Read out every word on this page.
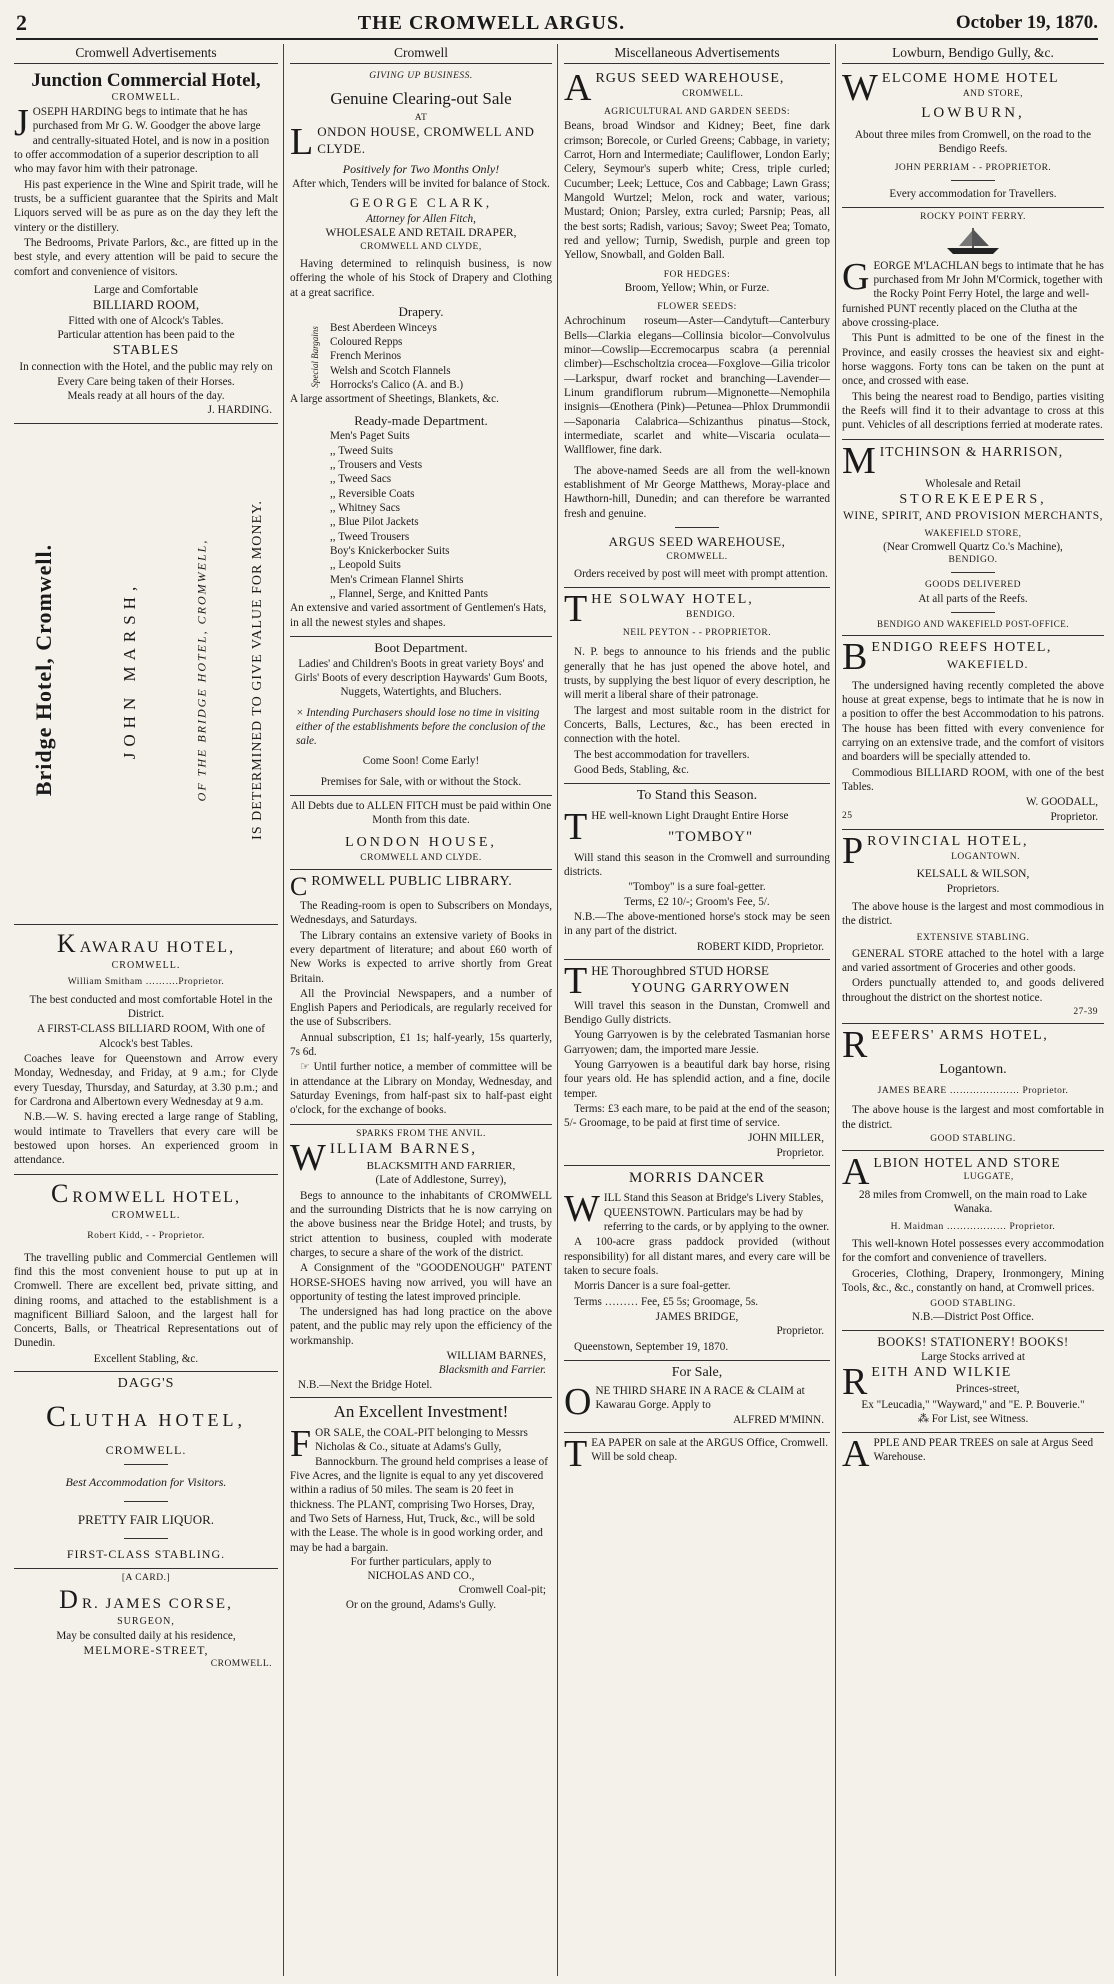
2	THE CROMWELL ARGUS.	October 19, 1870.
Cromwell Advertisements
Junction Commercial Hotel,
CROMWELL.
JOSEPH HARDING begs to intimate that he has purchased from Mr G. W. Goodger the above large and centrally-situated Hotel, and is now in a position to offer accommodation of a superior description to all who may favor him with their patronage.

His past experience in the Wine and Spirit trade, will he trusts, be a sufficient guarantee that the Spirits and Malt Liquors served will be as pure as on the day they left the vintery or the distillery.

The Bedrooms, Private Parlors, &c., are fitted up in the best style, and every attention will be paid to secure the comfort and convenience of visitors.

Large and Comfortable
BILLIARD ROOM,
Fitted with one of Alcock's Tables.
Particular attention has been paid to the
STABLES
In connection with the Hotel, and the public may rely on
Every Care being taken of their Horses.
Meals ready at all hours of the day.
J. HARDING.
Bridge Hotel, Cromwell.	JOHN MARSH,	OF THE BRIDGE HOTEL, CROMWELL,	IS DETERMINED TO GIVE VALUE FOR MONEY.
KAWARAU HOTEL,
CROMWELL.
William Smitham ……….Proprietor.

The best conducted and most comfortable Hotel in the District.

A FIRST-CLASS BILLIARD ROOM, With one of Alcock's best Tables.

Coaches leave for Queenstown and Arrow every Monday, Wednesday, and Friday, at 9 a.m.; for Clyde every Tuesday, Thursday, and Saturday, at 3.30 p.m.; and for Cardrona and Albertown every Wednesday at 9 a.m.

N.B.—W. S. having erected a large range of Stabling, would intimate to Travellers that every care will be bestowed upon horses. An experienced groom in attendance.

CROMWELL HOTEL,
CROMWELL.
Robert Kidd, - - Proprietor.

The travelling public and Commercial Gentlemen will find this the most convenient house to put up at in Cromwell. There are excellent bed, private sitting, and dining rooms, and attached to the establishment is a magnificent Billiard Saloon, and the largest hall for Concerts, Balls, or Theatrical Representations out of Dunedin.

Excellent Stabling, &c.
DAGG'S
CLUTHA HOTEL,
CROMWELL.
Best Accommodation for Visitors.
PRETTY FAIR LIQUOR.
FIRST-CLASS STABLING.
[A CARD.]
D R. JAMES CORSE,
SURGEON,
May be consulted daily at his residence,
MELMORE-STREET,
CROMWELL.
Cromwell
GIVING UP BUSINESS.
Genuine Clearing-out Sale
AT
LONDON HOUSE, CROMWELL AND CLYDE.
Positively for Two Months Only!
After which, Tenders will be invited for balance of Stock.
GEORGE CLARK,
Attorney for Allen Fitch,
WHOLESALE AND RETAIL DRAPER,
CROMWELL AND CLYDE,

Having determined to relinquish business, is now offering the whole of his Stock of Drapery and Clothing at a great sacrifice.

Drapery.
Special Bargains Best Aberdeen Winceys
Coloured Repps
French Merinos
Welsh and Scotch Flannels
Horrocks's Calico (A. and B.)
A large assortment of Sheetings, Blankets, &c.
Ready-made Department.
Men's Paget Suits
,, Tweed Suits
,, Trousers and Vests
,, Tweed Sacs
,, Reversible Coats
,, Whitney Sacs
,, Blue Pilot Jackets
,, Tweed Trousers
Boy's Knickerbocker Suits
,, Leopold Suits
Men's Crimean Flannel Shirts
,, Flannel, Serge, and Knitted Pants
An extensive and varied assortment of Gentlemen's Hats, in all the newest styles and shapes.
Boot Department.
Ladies' and Children's Boots in great variety Boys' and Girls' Boots of every description Haywards' Gum Boots, Nuggets, Watertights, and Bluchers.
× Intending Purchasers should lose no time in visiting either of the establishments before the conclusion of the sale.
Come Soon! Come Early!
Premises for Sale, with or without the Stock.
All Debts due to ALLEN FITCH must be paid within One Month from this date.
LONDON HOUSE,
CROMWELL AND CLYDE.
CROMWELL PUBLIC LIBRARY.

The Reading-room is open to Subscribers on Mondays, Wednesdays, and Saturdays.

The Library contains an extensive variety of Books in every department of literature; and about £60 worth of New Works is expected to arrive shortly from Great Britain.

All the Provincial Newspapers, and a number of English Papers and Periodicals, are regularly received for the use of Subscribers.

Annual subscription, £1 1s; half-yearly, 15s quarterly, 7s 6d.

☞ Until further notice, a member of committee will be in attendance at the Library on Monday, Wednesday, and Saturday Evenings, from half-past six to half-past eight o'clock, for the exchange of books.

SPARKS FROM THE ANVIL.
WILLIAM BARNES,
BLACKSMITH AND FARRIER,
(Late of Addlestone, Surrey),

Begs to announce to the inhabitants of CROMWELL and the surrounding Districts that he is now carrying on the above business near the Bridge Hotel; and trusts, by strict attention to business, coupled with moderate charges, to secure a share of the work of the district.

A Consignment of the "GOODENOUGH" PATENT HORSE-SHOES having now arrived, you will have an opportunity of testing the latest improved principle.

The undersigned has had long practice on the above patent, and the public may rely upon the efficiency of the workmanship.

WILLIAM BARNES,
Blacksmith and Farrier.
N.B.—Next the Bridge Hotel.
An Excellent Investment!
FOR SALE, the COAL-PIT belonging to Messrs Nicholas & Co., situate at Adams's Gully, Bannockburn. The ground held comprises a lease of Five Acres, and the lignite is equal to any yet discovered within a radius of 50 miles. The seam is 20 feet in thickness. The PLANT, comprising Two Horses, Dray, and Two Sets of Harness, Hut, Truck, &c., will be sold with the Lease. The whole is in good working order, and may be had a bargain.
For further particulars, apply to
NICHOLAS AND CO.,
Cromwell Coal-pit;
Or on the ground, Adams's Gully.
Miscellaneous Advertisements
ARGUS SEED WAREHOUSE,
CROMWELL.
AGRICULTURAL AND GARDEN SEEDS:

Beans, broad Windsor and Kidney; Beet, fine dark crimson; Borecole, or Curled Greens; Cabbage, in variety; Carrot, Horn and Intermediate; Cauliflower, London Early; Celery, Seymour's superb white; Cress, triple curled; Cucumber; Leek; Lettuce, Cos and Cabbage; Lawn Grass; Mangold Wurtzel; Melon, rock and water, various; Mustard; Onion; Parsley, extra curled; Parsnip; Peas, all the best sorts; Radish, various; Savoy; Sweet Pea; Tomato, red and yellow; Turnip, Swedish, purple and green top Yellow, Snowball, and Golden Ball.

FOR HEDGES:
Broom, Yellow; Whin, or Furze.
FLOWER SEEDS:

Achrochinum roseum—Aster—Candytuft—Canterbury Bells—Clarkia elegans—Collinsia bicolor—Convolvulus minor—Cowslip—Eccremocarpus scabra (a perennial climber)—Eschscholtzia crocea—Foxglove—Gilia tricolor—Larkspur, dwarf rocket and branching—Lavender—Linum grandiflorum rubrum—Mignonette—Nemophila insignis—Œnothera (Pink)—Petunea—Phlox Drummondii—Saponaria Calabrica—Schizanthus pinatus—Stock, intermediate, scarlet and white—Viscaria oculata—Wallflower, fine dark.

The above-named Seeds are all from the well-known establishment of Mr George Matthews, Moray-place and Hawthorn-hill, Dunedin; and can therefore be warranted fresh and genuine.

ARGUS SEED WAREHOUSE,
CROMWELL.

Orders received by post will meet with prompt attention.

THE SOLWAY HOTEL,
BENDIGO.
NEIL PEYTON - - PROPRIETOR.

N. P. begs to announce to his friends and the public generally that he has just opened the above hotel, and trusts, by supplying the best liquor of every description, he will merit a liberal share of their patronage.

The largest and most suitable room in the district for Concerts, Balls, Lectures, &c., has been erected in connection with the hotel.

The best accommodation for travellers.

Good Beds, Stabling, &c.

To Stand this Season.
THE well-known Light Draught Entire Horse
"TOMBOY"

Will stand this season in the Cromwell and surrounding districts.

"Tomboy" is a sure foal-getter.
Terms, £2 10/-; Groom's Fee, 5/.

N.B.—The above-mentioned horse's stock may be seen in any part of the district.

ROBERT KIDD, Proprietor.
THE Thoroughbred STUD HORSE
YOUNG GARRYOWEN

Will travel this season in the Dunstan, Cromwell and Bendigo Gully districts.

Young Garryowen is by the celebrated Tasmanian horse Garryowen; dam, the imported mare Jessie.

Young Garryowen is a beautiful dark bay horse, rising four years old. He has splendid action, and a fine, docile temper.

Terms: £3 each mare, to be paid at the end of the season; 5/- Groomage, to be paid at first time of service.

JOHN MILLER,
Proprietor.
MORRIS DANCER
WILL Stand this Season at Bridge's Livery Stables, QUEENSTOWN. Particulars may be had by referring to the cards, or by applying to the owner.

A 100-acre grass paddock provided (without responsibility) for all distant mares, and every care will be taken to secure foals.

Morris Dancer is a sure foal-getter.

Terms ……… Fee, £5 5s; Groomage, 5s.

JAMES BRIDGE,
Proprietor.

Queenstown, September 19, 1870.

For Sale,
ONE THIRD SHARE IN A RACE & CLAIM at Kawarau Gorge. Apply to
ALFRED M'MINN.
TEA PAPER on sale at the ARGUS Office, Cromwell. Will be sold cheap.
Lowburn, Bendigo Gully, &c.
WELCOME HOME HOTEL
AND STORE,
LOWBURN,
About three miles from Cromwell, on the road to the Bendigo Reefs.
JOHN PERRIAM - - PROPRIETOR.
Every accommodation for Travellers.
ROCKY POINT FERRY.
GEORGE M'LACHLAN begs to intimate that he has purchased from Mr John M'Cormick, together with the Rocky Point Ferry Hotel, the large and well-furnished PUNT recently placed on the Clutha at the above crossing-place.

This Punt is admitted to be one of the finest in the Province, and easily crosses the heaviest six and eight-horse waggons. Forty tons can be taken on the punt at once, and crossed with ease.

This being the nearest road to Bendigo, parties visiting the Reefs will find it to their advantage to cross at this punt. Vehicles of all descriptions ferried at moderate rates.

MITCHINSON & HARRISON,
Wholesale and Retail
STOREKEEPERS,
WINE, SPIRIT, AND PROVISION MERCHANTS,
WAKEFIELD STORE,
(Near Cromwell Quartz Co.'s Machine),
BENDIGO.
GOODS DELIVERED
At all parts of the Reefs.
BENDIGO AND WAKEFIELD POST-OFFICE.
BENDIGO REEFS HOTEL,
WAKEFIELD.

The undersigned having recently completed the above house at great expense, begs to intimate that he is now in a position to offer the best Accommodation to his patrons. The house has been fitted with every convenience for carrying on an extensive trade, and the comfort of visitors and boarders will be specially attended to.

Commodious BILLIARD ROOM, with one of the best Tables.

W. GOODALL,
25	Proprietor.
PROVINCIAL HOTEL,
LOGANTOWN.
KELSALL & WILSON,
Proprietors.

The above house is the largest and most commodious in the district.

EXTENSIVE STABLING.

GENERAL STORE attached to the hotel with a large and varied assortment of Groceries and other goods.

Orders punctually attended to, and goods delivered throughout the district on the shortest notice.

27-39
REEFERS' ARMS HOTEL,
Logantown.
JAMES BEARE ………………… Proprietor.

The above house is the largest and most comfortable in the district.

GOOD STABLING.
ALBION HOTEL AND STORE
LUGGATE,
28 miles from Cromwell, on the main road to Lake Wanaka.
H. Maidman ……………… Proprietor.

This well-known Hotel possesses every accommodation for the comfort and convenience of travellers.

Groceries, Clothing, Drapery, Ironmongery, Mining Tools, &c., &c., constantly on hand, at Cromwell prices.

GOOD STABLING.
N.B.—District Post Office.
BOOKS! STATIONERY! BOOKS!
Large Stocks arrived at
REITH AND WILKIE
Princes-street,
Ex "Leucadia," "Wayward," and "E. P. Bouverie."
⁂ For List, see Witness.
APPLE AND PEAR TREES on sale at Argus Seed Warehouse.
